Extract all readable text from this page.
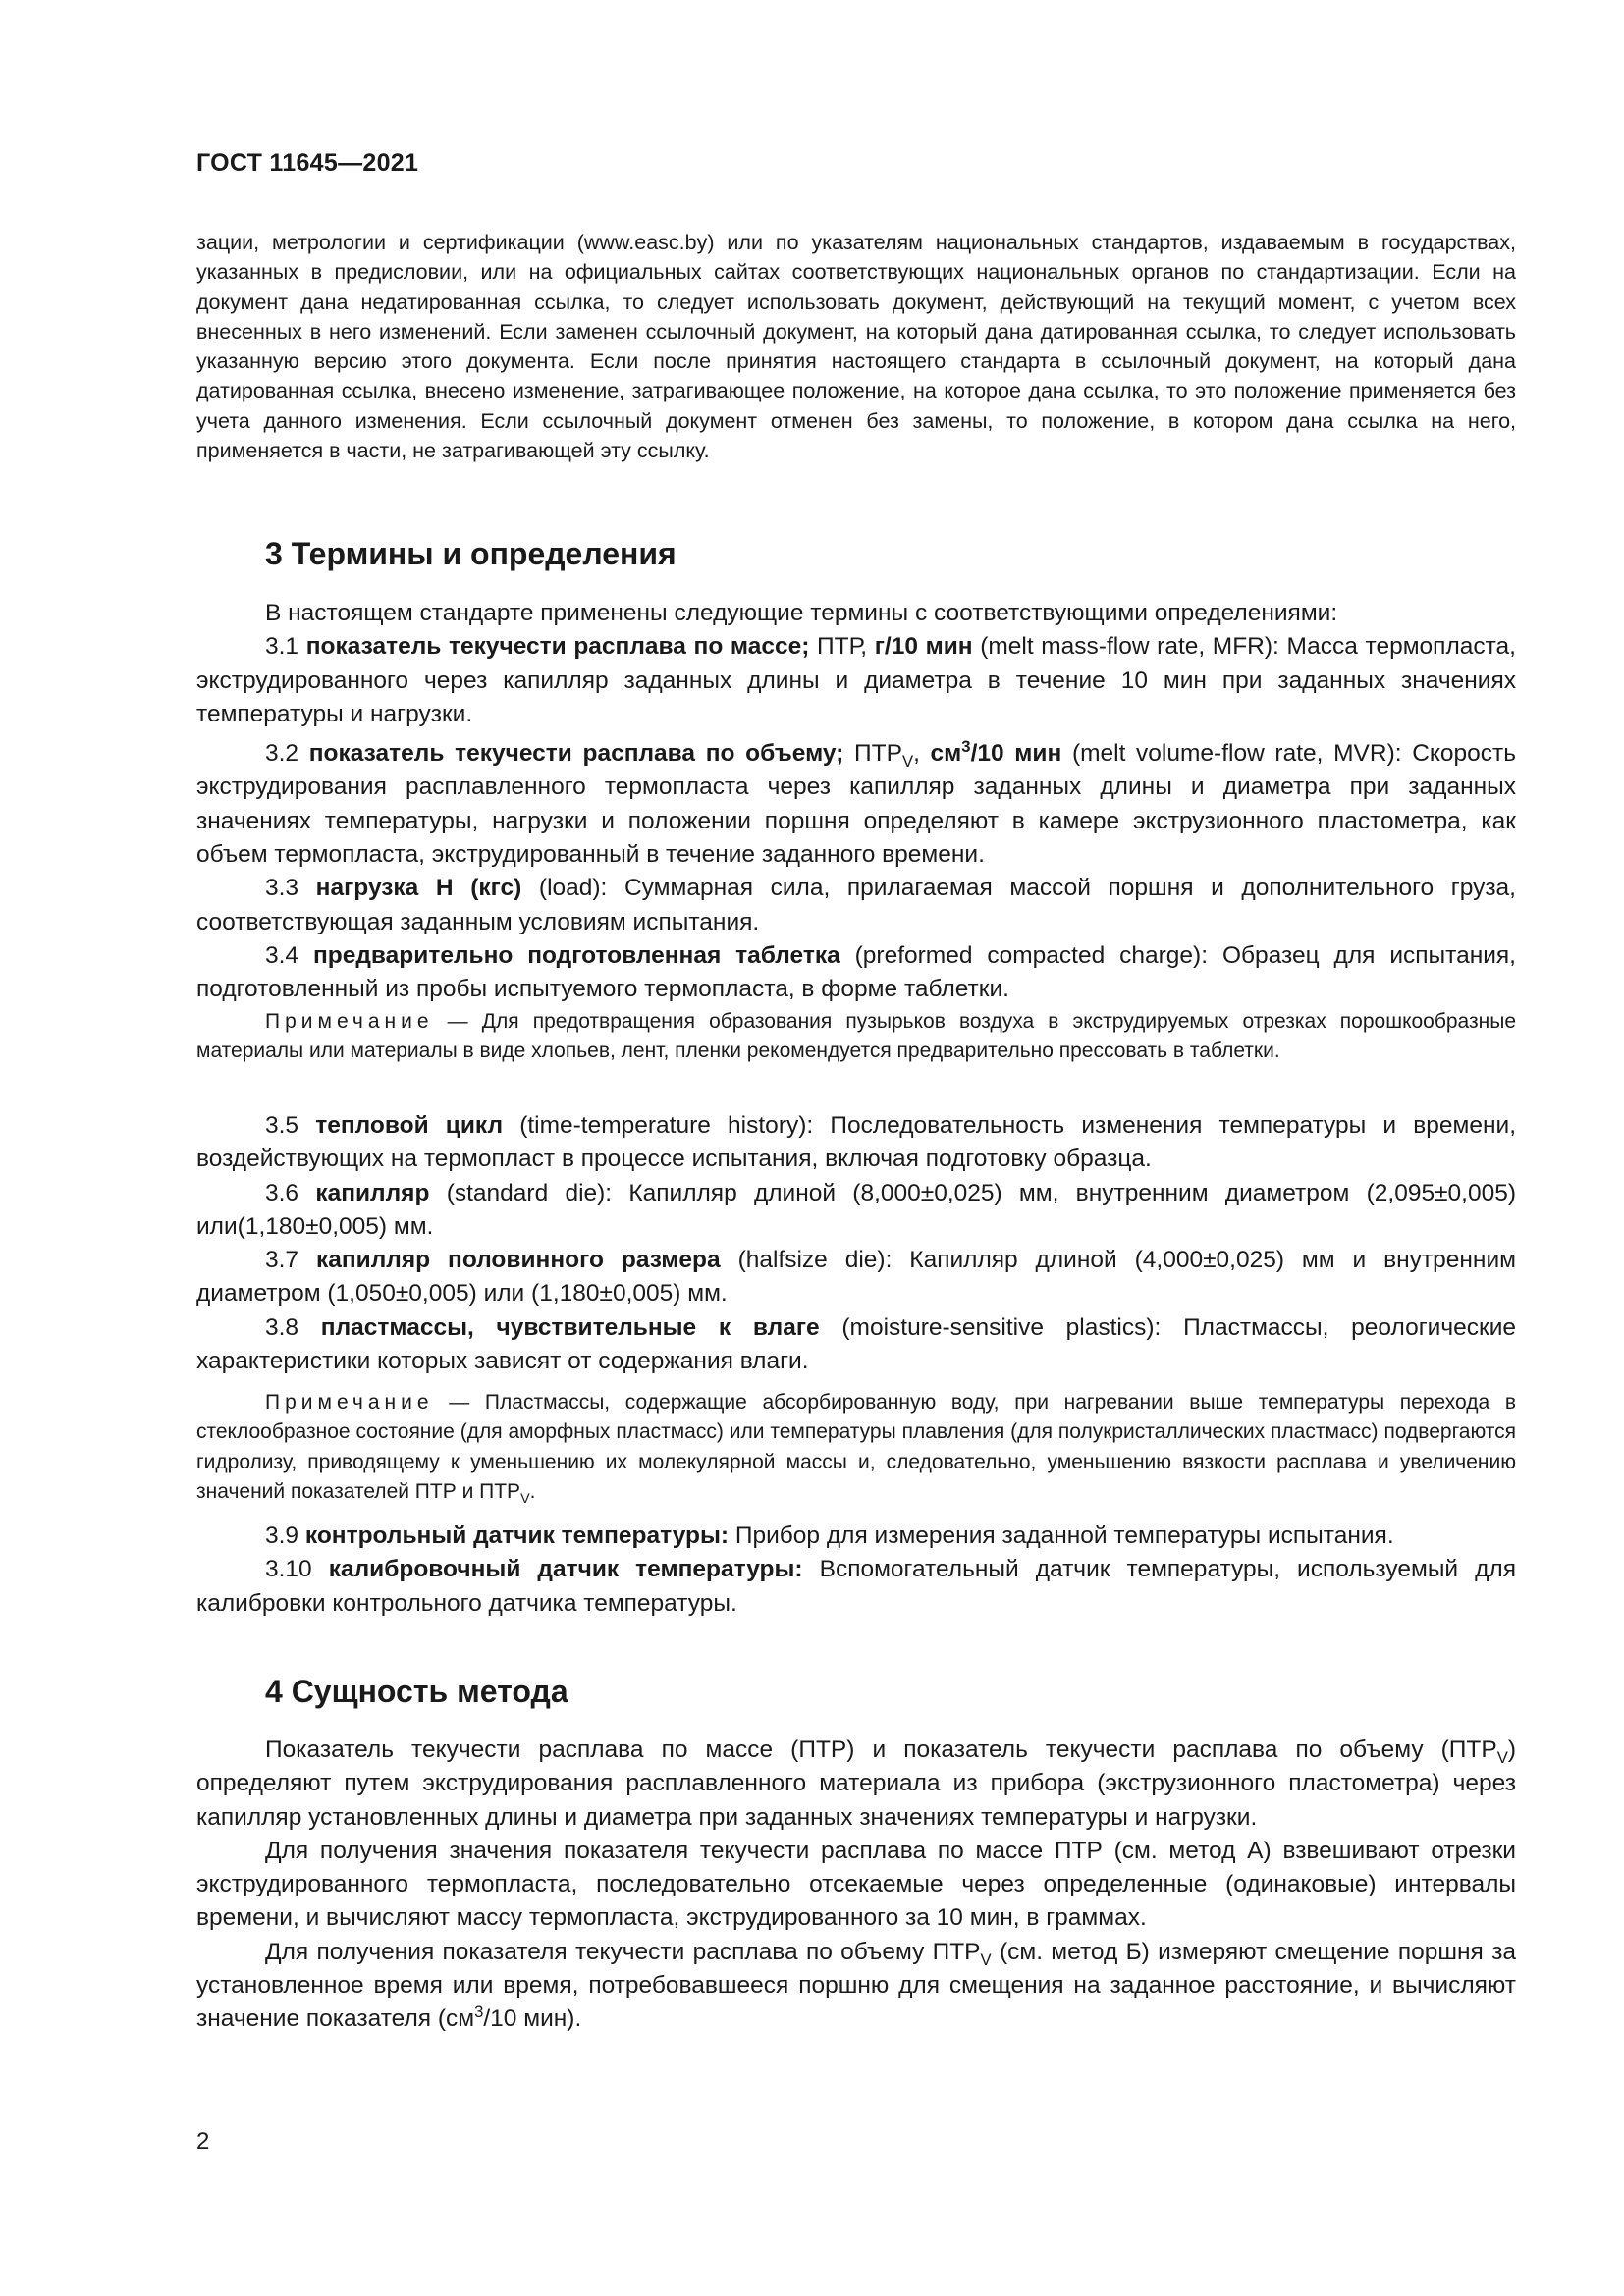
ГОСТ 11645—2021

зации, метрологии и сертификации (www.easc.by) или по указателям национальных стандартов, издаваемым в государствах, указанных в предисловии, или на официальных сайтах соответствующих национальных органов по стандартизации. Если на документ дана недатированная ссылка, то следует использовать документ, действующий на текущий момент, с учетом всех внесенных в него изменений. Если заменен ссылочный документ, на который дана датированная ссылка, то следует использовать указанную версию этого документа. Если после принятия настоящего стандарта в ссылочный документ, на который дана датированная ссылка, внесено изменение, затрагивающее положение, на которое дана ссылка, то это положение применяется без учета данного изменения. Если ссылочный документ отменен без замены, то положение, в котором дана ссылка на него, применяется в части, не затрагивающей эту ссылку.

3 Термины и определения

В настоящем стандарте применены следующие термины с соответствующими определениями:

3.1 показатель текучести расплава по массе; ПТР, г/10 мин (melt mass-flow rate, MFR): Масса термопласта, экструдированного через капилляр заданных длины и диаметра в течение 10 мин при заданных значениях температуры и нагрузки.

3.2 показатель текучести расплава по объему; $ПТР_V$, $см^3/10$ мин (melt volume-flow rate, MVR): Скорость экструдирования расплавленного термопласта через капилляр заданных длины и диаметра при заданных значениях температуры, нагрузки и положении поршня определяют в камере экструзионного пластометра, как объем термопласта, экструдированный в течение заданного времени.

3.3 нагрузка Н (кгс) (load): Суммарная сила, прилагаемая массой поршня и дополнительного груза, соответствующая заданным условиям испытания.

3.4 предварительно подготовленная таблетка (preformed compacted charge): Образец для испытания, подготовленный из пробы испытуемого термопласта, в форме таблетки.

Примечание — Для предотвращения образования пузырьков воздуха в экструдируемых отрезках порошкообразные материалы или материалы в виде хлопьев, лент, пленки рекомендуется предварительно прессовать в таблетки.

3.5 тепловой цикл (time-temperature history): Последовательность изменения температуры и времени, воздействующих на термопласт в процессе испытания, включая подготовку образца.

3.6 капилляр (standard die): Капилляр длиной (8,000±0,025) мм, внутренним диаметром (2,095±0,005) или(1,180±0,005) мм.

3.7 капилляр половинного размера (halfsize die): Капилляр длиной (4,000±0,025) мм и внутренним диаметром (1,050±0,005) или (1,180±0,005) мм.

3.8 пластмассы, чувствительные к влаге (moisture-sensitive plastics): Пластмассы, реологические характеристики которых зависят от содержания влаги.

Примечание — Пластмассы, содержащие абсорбированную воду, при нагревании выше температуры перехода в стеклообразное состояние (для аморфных пластмасс) или температуры плавления (для полукристаллических пластмасс) подвергаются гидролизу, приводящему к уменьшению их молекулярной массы и, следовательно, уменьшению вязкости расплава и увеличению значений показателей ПТР и $ПТР_V$.

3.9 контрольный датчик температуры: Прибор для измерения заданной температуры испытания.

3.10 калибровочный датчик температуры: Вспомогательный датчик температуры, используемый для калибровки контрольного датчика температуры.

4 Сущность метода

Показатель текучести расплава по массе (ПТР) и показатель текучести расплава по объему $(ПТР_V)$ определяют путем экструдирования расплавленного материала из прибора (экструзионного пластометра) через капилляр установленных длины и диаметра при заданных значениях температуры и нагрузки.

Для получения значения показателя текучести расплава по массе ПТР (см. метод А) взвешивают отрезки экструдированного термопласта, последовательно отсекаемые через определенные (одинаковые) интервалы времени, и вычисляют массу термопласта, экструдированного за 10 мин, в граммах.

Для получения показателя текучести расплава по объему $ПТР_V$ (см. метод Б) измеряют смещение поршня за установленное время или время, потребовавшееся поршню для смещения на заданное расстояние, и вычисляют значение показателя ($см^3/10$ мин).

2
